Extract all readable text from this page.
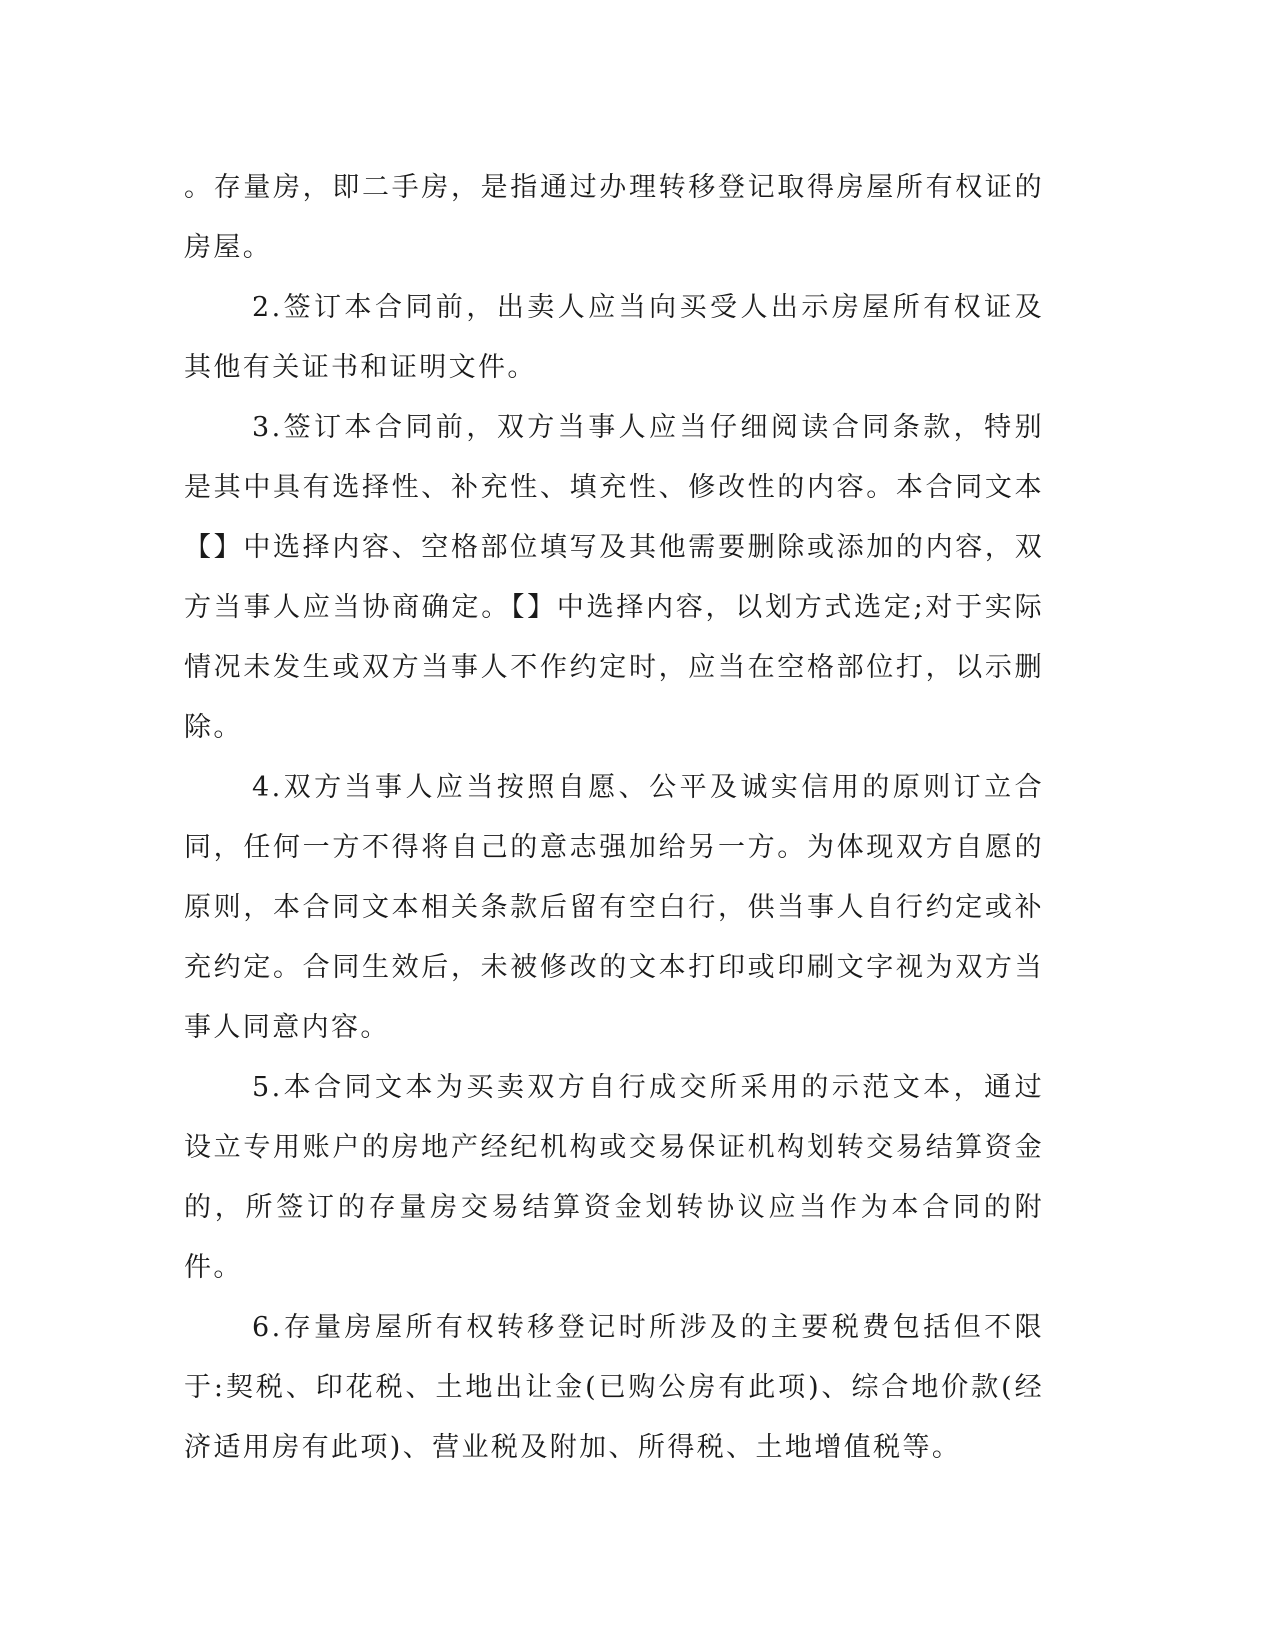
。存量房，即二手房，是指通过办理转移登记取得房屋所有权证的房屋。

2.签订本合同前，出卖人应当向买受人出示房屋所有权证及其他有关证书和证明文件。

3.签订本合同前，双方当事人应当仔细阅读合同条款，特别是其中具有选择性、补充性、填充性、修改性的内容。本合同文本【】中选择内容、空格部位填写及其他需要删除或添加的内容，双方当事人应当协商确定。【】中选择内容，以划方式选定;对于实际情况未发生或双方当事人不作约定时，应当在空格部位打，以示删除。

4.双方当事人应当按照自愿、公平及诚实信用的原则订立合同，任何一方不得将自己的意志强加给另一方。为体现双方自愿的原则，本合同文本相关条款后留有空白行，供当事人自行约定或补充约定。合同生效后，未被修改的文本打印或印刷文字视为双方当事人同意内容。

5.本合同文本为买卖双方自行成交所采用的示范文本，通过设立专用账户的房地产经纪机构或交易保证机构划转交易结算资金的，所签订的存量房交易结算资金划转协议应当作为本合同的附件。

6.存量房屋所有权转移登记时所涉及的主要税费包括但不限于:契税、印花税、土地出让金(已购公房有此项)、综合地价款(经济适用房有此项)、营业税及附加、所得税、土地增值税等。
